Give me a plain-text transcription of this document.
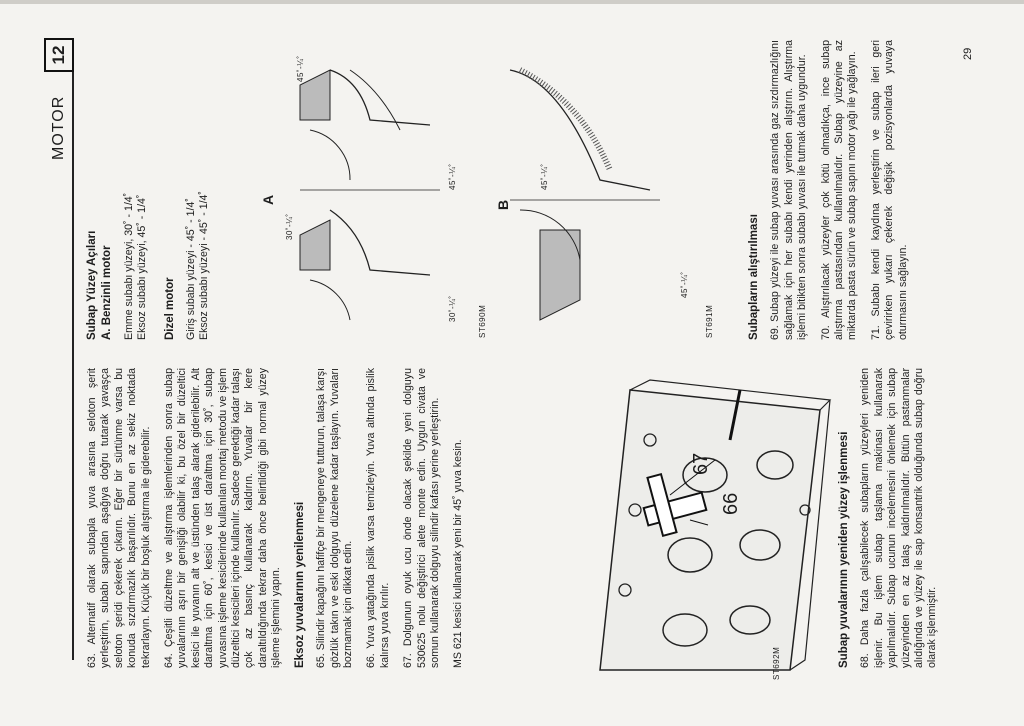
MOTOR
12	29

63. Alternatif olarak subapla yuva arasına seloton şerit yerleştirin, subabı sapından aşağıya doğru tutarak yavaşça seloton şeridi çekerek çıkarın. Eğer bir sürtünme varsa bu konuda sızdırmazlık başarılıdır. Bunu en az sekiz noktada tekrarlayın. Küçük bir boşluk alıştırma ile giderebilir. 64. Çeşitli düzeltme ve alıştırma işlemlerinden sonra subap yuvalarının aşırı bir genişliği olabilir ki, bu özel bir düzeltici kesici ile yuvanın alt ve üstünden talaş alarak giderilebilir. Alt daraltma için 60˚, kesici ve üst daraltma için 30˚, subap yuvasına işleme kesicilerinde kullanılan montaj metodu ve işlem düzeltici kesicileri içinde kullanılır. Sadece gerektiği kadar talaşı çok az basınç kullanarak kaldırın. Yuvalar bir kere daraltıldığında tekrar daha önce belirtildiği gibi normal yüzey işleme işlemini yapın. Eksoz yuvalarının yenilenmesi 65. Silindir kapağını hafifçe bir mengeneye tutturun, talaşa karşı gözlük takın ve eski dolguyu düzelene kadar taşlayın. Yuvaları bozmamak için dikkat edin. 66. Yuva yatağında pislik varsa temizleyin. Yuva altında pislik kalırsa yuva kırılır. 67. Dolgunun oyuk ucu önde olacak şekilde yeni dolguyu 530625 nolu değiştirici alete monte edin. Uygun civata ve somun kullanarak dolguyu silindir kafası yerine yerleştirin. MS 621 kesici kullanarak yeni bir 45˚ yuva kesin.	67
66
ST692M	Subap yuvalarının yeniden yüzey işlenmesi 68. Daha fazla çalışabilecek subapların yüzeyleri yeniden işlenir. Bu işlem subap taşlama makinası kullanarak yapılmalıdır. Subap ucunun incelemesini önlemek için subap yüzeyinden en az talaş kaldırılmalıdır. Bütün pastanmalar alıdığında ve yüzey ile sap konsantrik olduğunda subap doğru olarak işlenmiştir.

Subap Yüzey Açıları A. Benzinli motor Emme subabı yüzeyi, 30˚ - 1/4˚ Eksoz subabı yüzeyi, 45˚ - 1/4˚ Dizel motor Giriş subabı yüzeyi - 45˚ - 1/4˚ Eksoz subabı yüzeyi - 45˚ - 1/4˚	A
30˚-¼˚
30˚-¼˚
45˚-¼˚
45˚-¼˚
ST690M
B
45˚-¼˚
45˚-¼˚
ST691M	Subapların alıştırılması 69. Subap yüzeyi ile subap yuvası arasında gaz sızdırmazlığını sağlamak için her subabı kendi yerinden alıştırın. Alıştırma işlemi bitikten sonra subabı yuvası ile tutmak daha uygundur. 70. Alıştırılacak yüzeyler çok kötü olmadıkça, ince subap alıştırma pastasından kullanılmalıdır. Subap yüzeyine az miktarda pasta sürün ve subap sapını motor yağı ile yağlayın. 71. Subabı kendi kaydına yerleştirin ve subap ileri geri çevirirken yukarı çekerek değişik pozisyonlarda yuvaya oturmasını sağlayın.
